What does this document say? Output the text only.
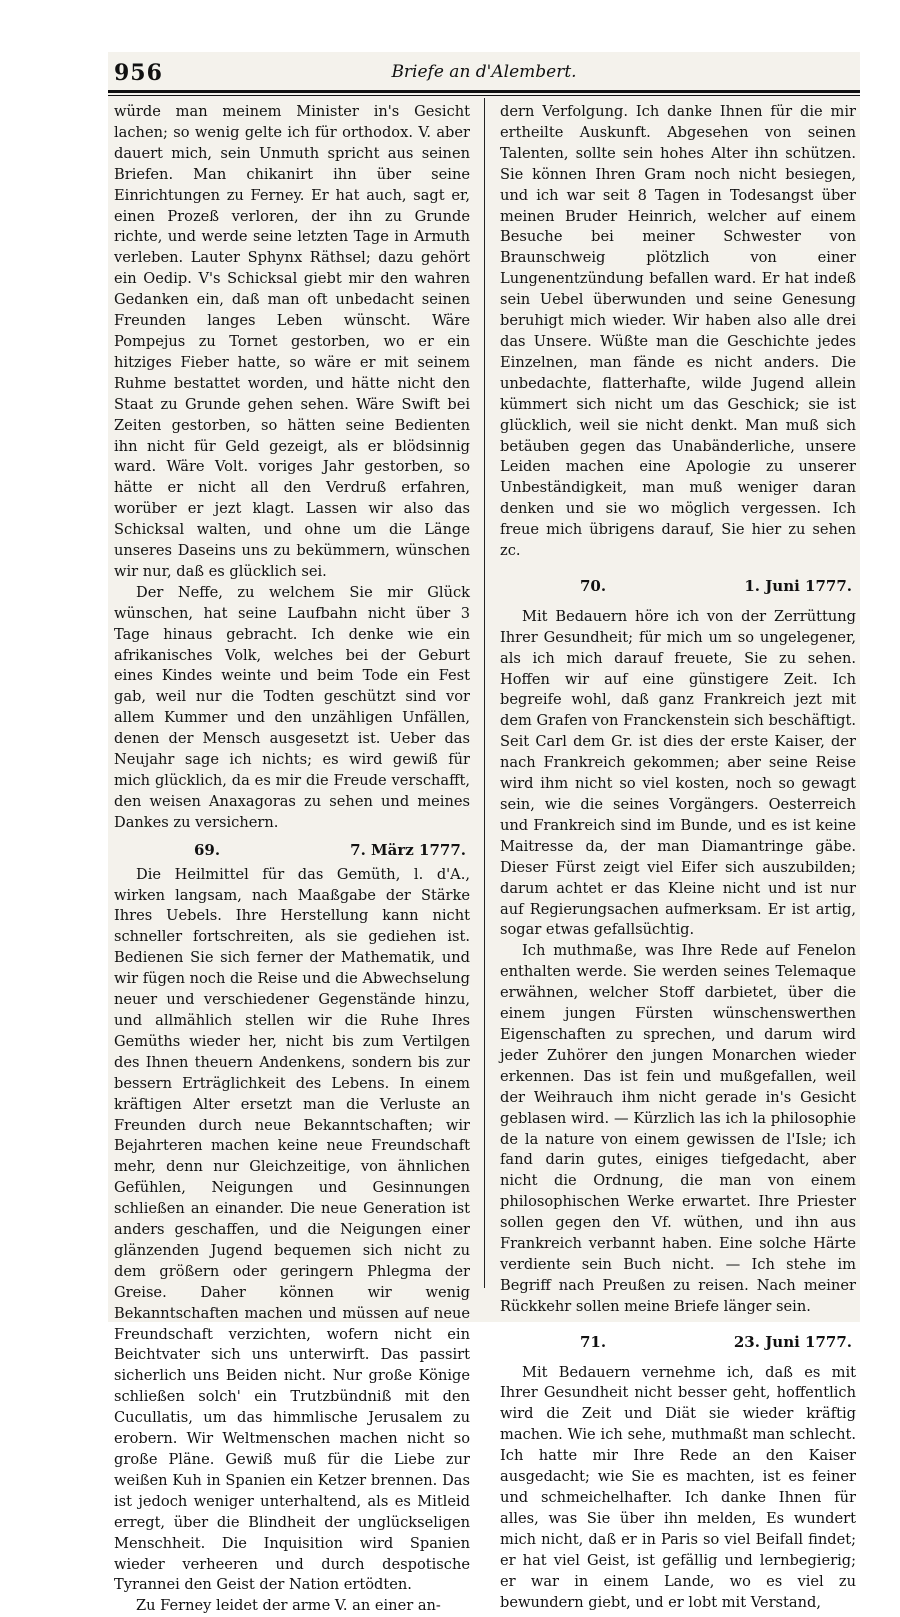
956	Briefe an d'Alembert.

würde man meinem Minister in's Gesicht lachen; so wenig gelte ich für orthodox. V. aber dauert mich, sein Unmuth spricht aus seinen Briefen. Man chikanirt ihn über seine Einrichtungen zu Ferney. Er hat auch, sagt er, einen Prozeß verloren, der ihn zu Grunde richte, und werde seine letzten Tage in Armuth verleben. Lauter Sphynx Räthsel; dazu gehört ein Oedip. V's Schicksal giebt mir den wahren Gedanken ein, daß man oft unbedacht seinen Freunden langes Leben wünscht. Wäre Pompejus zu Tornet gestorben, wo er ein hitziges Fieber hatte, so wäre er mit seinem Ruhme bestattet worden, und hätte nicht den Staat zu Grunde gehen sehen. Wäre Swift bei Zeiten gestorben, so hätten seine Bedienten ihn nicht für Geld gezeigt, als er blödsinnig ward. Wäre Volt. voriges Jahr gestorben, so hätte er nicht all den Verdruß erfahren, worüber er jezt klagt. Lassen wir also das Schicksal walten, und ohne um die Länge unseres Daseins uns zu bekümmern, wünschen wir nur, daß es glücklich sei.

Der Neffe, zu welchem Sie mir Glück wünschen, hat seine Laufbahn nicht über 3 Tage hinaus gebracht. Ich denke wie ein afrikanisches Volk, welches bei der Geburt eines Kindes weinte und beim Tode ein Fest gab, weil nur die Todten geschützt sind vor allem Kummer und den unzähligen Unfällen, denen der Mensch ausgesetzt ist. Ueber das Neujahr sage ich nichts; es wird gewiß für mich glücklich, da es mir die Freude verschafft, den weisen Anaxagoras zu sehen und meines Dankes zu versichern.

69.	7. März 1777.

Die Heilmittel für das Gemüth, l. d'A., wirken langsam, nach Maaßgabe der Stärke Ihres Uebels. Ihre Herstellung kann nicht schneller fortschreiten, als sie gediehen ist. Bedienen Sie sich ferner der Mathematik, und wir fügen noch die Reise und die Abwechselung neuer und verschiedener Gegenstände hinzu, und allmählich stellen wir die Ruhe Ihres Gemüths wieder her, nicht bis zum Vertilgen des Ihnen theuern Andenkens, sondern bis zur bessern Erträglichkeit des Lebens. In einem kräftigen Alter ersetzt man die Verluste an Freunden durch neue Bekanntschaften; wir Bejahrteren machen keine neue Freundschaft mehr, denn nur Gleichzeitige, von ähnlichen Gefühlen, Neigungen und Gesinnungen schließen an einander. Die neue Generation ist anders geschaffen, und die Neigungen einer glänzenden Jugend bequemen sich nicht zu dem größern oder geringern Phlegma der Greise. Daher können wir wenig Bekanntschaften machen und müssen auf neue Freundschaft verzichten, wofern nicht ein Beichtvater sich uns unterwirft. Das passirt sicherlich uns Beiden nicht. Nur große Könige schließen solch' ein Trutzbündniß mit den Cucullatis, um das himmlische Jerusalem zu erobern. Wir Weltmenschen machen nicht so große Pläne. Gewiß muß für die Liebe zur weißen Kuh in Spanien ein Ketzer brennen. Das ist jedoch weniger unterhaltend, als es Mitleid erregt, über die Blindheit der unglückseligen Menschheit. Die Inquisition wird Spanien wieder verheeren und durch despotische Tyrannei den Geist der Nation ertödten.

Zu Ferney leidet der arme V. an einer an-

dern Verfolgung. Ich danke Ihnen für die mir ertheilte Auskunft. Abgesehen von seinen Talenten, sollte sein hohes Alter ihn schützen. Sie können Ihren Gram noch nicht besiegen, und ich war seit 8 Tagen in Todesangst über meinen Bruder Heinrich, welcher auf einem Besuche bei meiner Schwester von Braunschweig plötzlich von einer Lungenentzündung befallen ward. Er hat indeß sein Uebel überwunden und seine Genesung beruhigt mich wieder. Wir haben also alle drei das Unsere. Wüßte man die Geschichte jedes Einzelnen, man fände es nicht anders. Die unbedachte, flatterhafte, wilde Jugend allein kümmert sich nicht um das Geschick; sie ist glücklich, weil sie nicht denkt. Man muß sich betäuben gegen das Unabänderliche, unsere Leiden machen eine Apologie zu unserer Unbeständigkeit, man muß weniger daran denken und sie wo möglich vergessen. Ich freue mich übrigens darauf, Sie hier zu sehen zc.

70.	1. Juni 1777.

Mit Bedauern höre ich von der Zerrüttung Ihrer Gesundheit; für mich um so ungelegener, als ich mich darauf freuete, Sie zu sehen. Hoffen wir auf eine günstigere Zeit. Ich begreife wohl, daß ganz Frankreich jezt mit dem Grafen von Franckenstein sich beschäftigt. Seit Carl dem Gr. ist dies der erste Kaiser, der nach Frankreich gekommen; aber seine Reise wird ihm nicht so viel kosten, noch so gewagt sein, wie die seines Vorgängers. Oesterreich und Frankreich sind im Bunde, und es ist keine Maitresse da, der man Diamantringe gäbe. Dieser Fürst zeigt viel Eifer sich auszubilden; darum achtet er das Kleine nicht und ist nur auf Regierungsachen aufmerksam. Er ist artig, sogar etwas gefallsüchtig.

Ich muthmaße, was Ihre Rede auf Fenelon enthalten werde. Sie werden seines Telemaque erwähnen, welcher Stoff darbietet, über die einem jungen Fürsten wünschenswerthen Eigenschaften zu sprechen, und darum wird jeder Zuhörer den jungen Monarchen wieder erkennen. Das ist fein und mußgefallen, weil der Weihrauch ihm nicht gerade in's Gesicht geblasen wird. — Kürzlich las ich la philosophie de la nature von einem gewissen de l'Isle; ich fand darin gutes, einiges tiefgedacht, aber nicht die Ordnung, die man von einem philosophischen Werke erwartet. Ihre Priester sollen gegen den Vf. wüthen, und ihn aus Frankreich verbannt haben. Eine solche Härte verdiente sein Buch nicht. — Ich stehe im Begriff nach Preußen zu reisen. Nach meiner Rückkehr sollen meine Briefe länger sein.

71.	23. Juni 1777.

Mit Bedauern vernehme ich, daß es mit Ihrer Gesundheit nicht besser geht, hoffentlich wird die Zeit und Diät sie wieder kräftig machen. Wie ich sehe, muthmaßt man schlecht. Ich hatte mir Ihre Rede an den Kaiser ausgedacht; wie Sie es machten, ist es feiner und schmeichelhafter. Ich danke Ihnen für alles, was Sie über ihn melden, Es wundert mich nicht, daß er in Paris so viel Beifall findet; er hat viel Geist, ist gefällig und lernbegierig; er war in einem Lande, wo es viel zu bewundern giebt, und er lobt mit Verstand,
